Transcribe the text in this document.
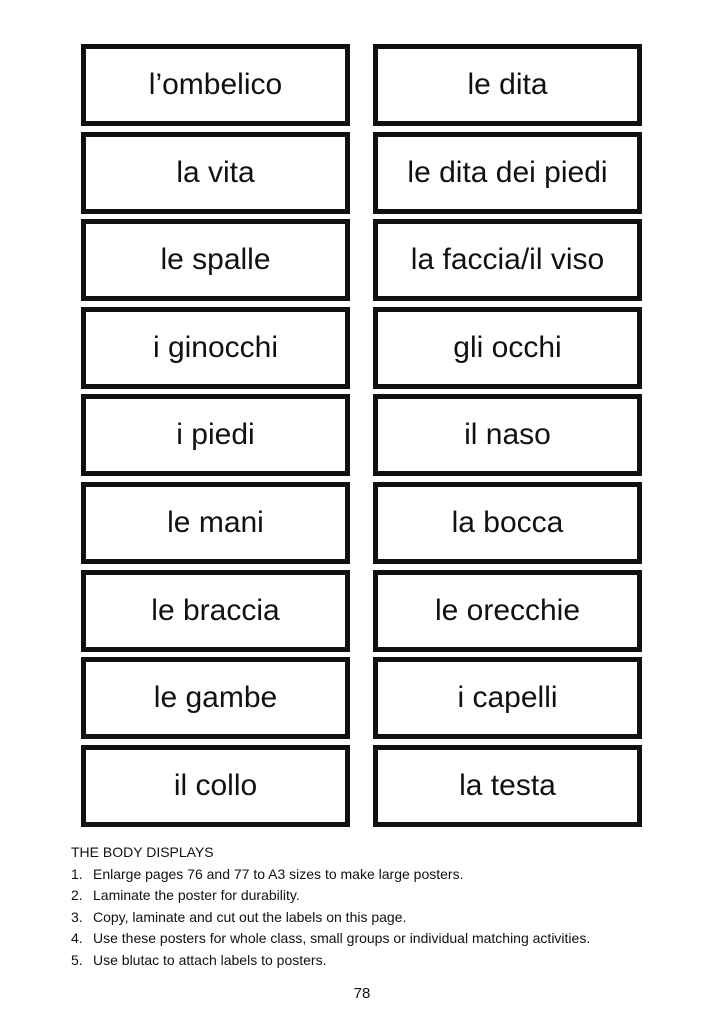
l’ombelico	le dita
la vita	le dita dei piedi
le spalle	la faccia/il viso
i ginocchi	gli occhi
i piedi	il naso
le mani	la bocca
le braccia	le orecchie
le gambe	i capelli
il collo	la testa
THE BODY DISPLAYS
1. Enlarge pages 76 and 77 to A3 sizes to make large posters.
2. Laminate the poster for durability.
3. Copy, laminate and cut out the labels on this page.
4. Use these posters for whole class, small groups or individual matching activities.
5. Use blutac to attach labels to posters.
78
